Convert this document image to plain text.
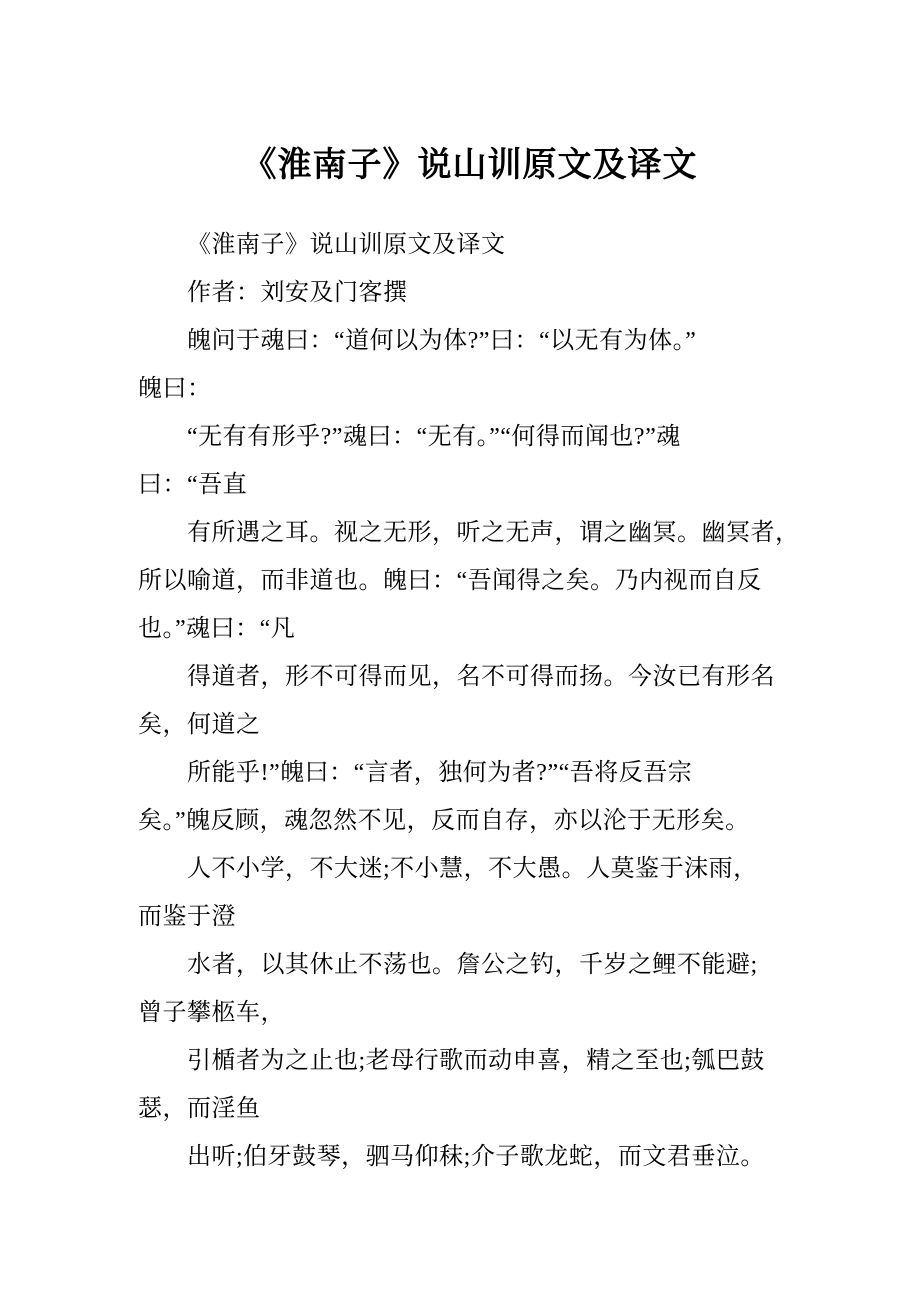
《淮南子》说山训原文及译文

《淮南子》说山训原文及译文

作者：刘安及门客撰

魄问于魂曰：“道何以为体?”曰：“以无有为体。”

魄曰：

“无有有形乎?”魂曰：“无有。”“何得而闻也?”魂

曰：“吾直

有所遇之耳。视之无形，听之无声，谓之幽冥。幽冥者，

所以喻道，而非道也。魄曰：“吾闻得之矣。乃内视而自反

也。”魂曰：“凡

得道者，形不可得而见，名不可得而扬。今汝已有形名

矣，何道之

所能乎!”魄曰：“言者，独何为者?”“吾将反吾宗

矣。”魄反顾，魂忽然不见，反而自存，亦以沦于无形矣。

人不小学，不大迷;不小慧，不大愚。人莫鉴于沫雨，

而鉴于澄

水者，以其休止不荡也。詹公之钓，千岁之鲤不能避;

曾子攀柩车，

引楯者为之止也;老母行歌而动申喜，精之至也;瓠巴鼓

瑟，而淫鱼

出听;伯牙鼓琴，驷马仰秣;介子歌龙蛇，而文君垂泣。
